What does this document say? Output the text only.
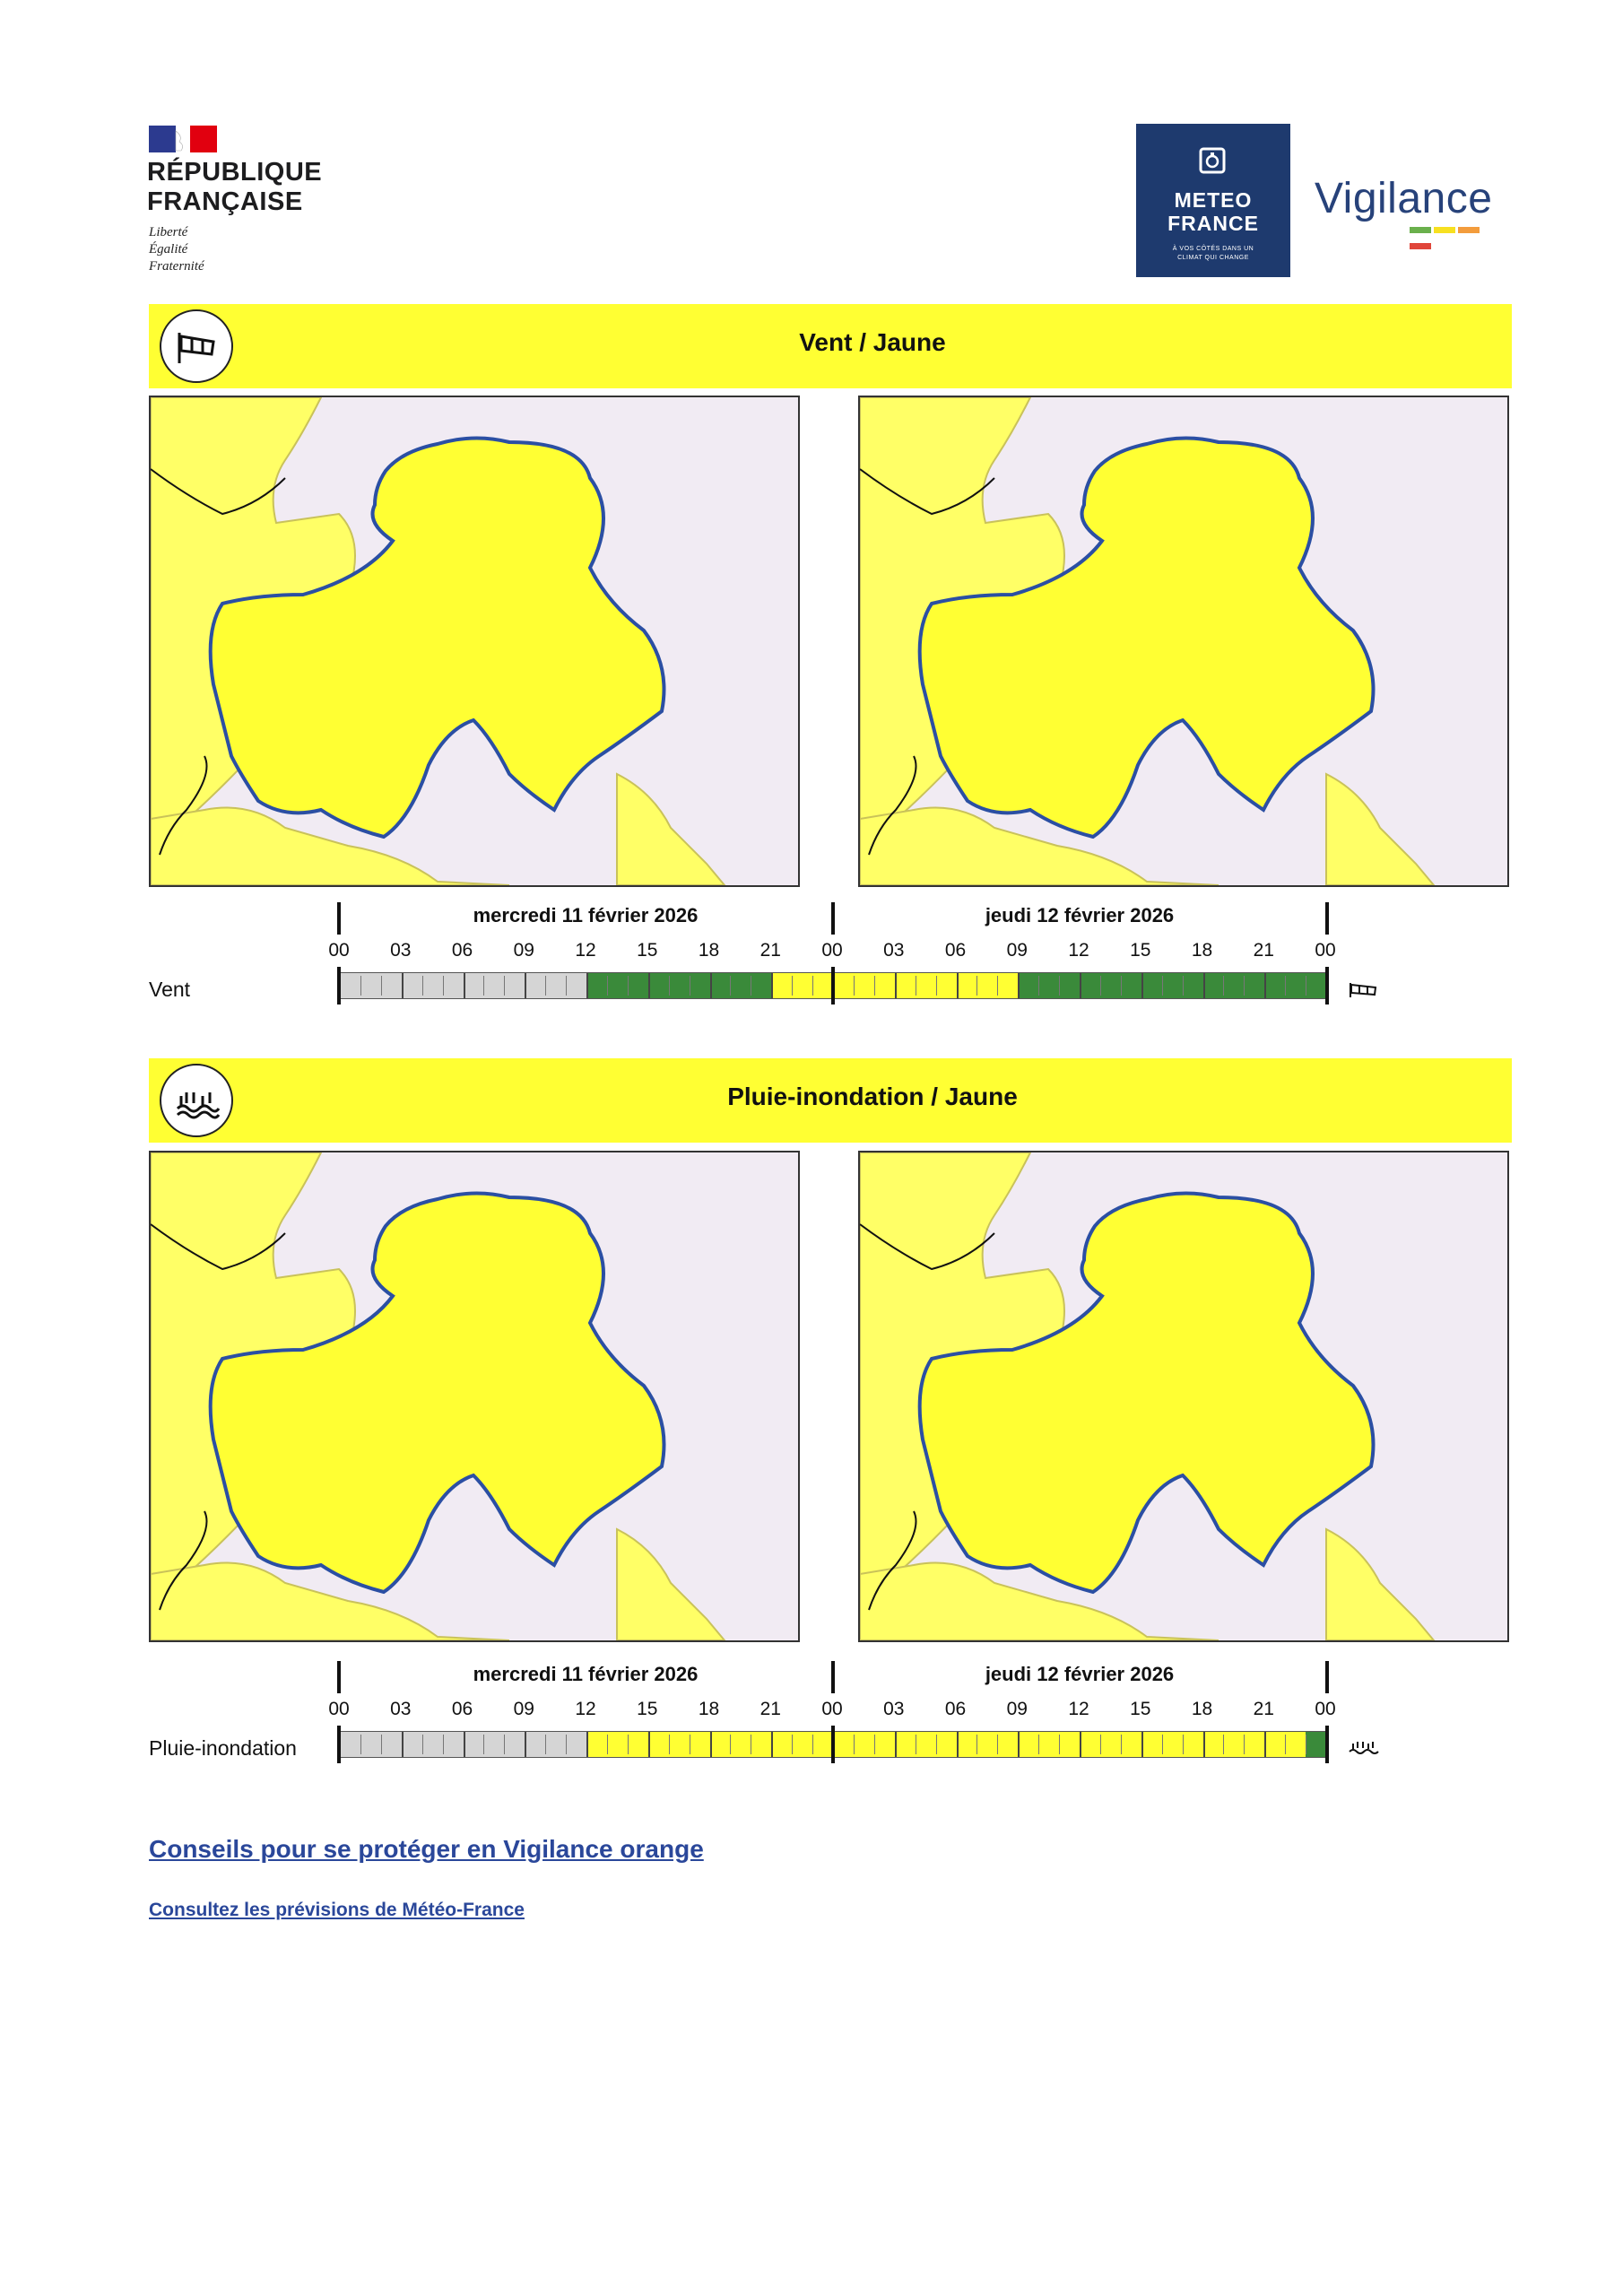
RÉPUBLIQUE
FRANÇAISE
Liberté
Égalité
Fraternité
METEO
FRANCE
À VOS CÔTÉS DANS UN
CLIMAT QUI CHANGE
Vigilance
Vent / Jaune
mercredi 11 février 2026	jeudi 12 février 2026
00	03	06	09	12	15	18	21	00	03	06	09	12	15	18	21	00
Vent
Pluie-inondation / Jaune
mercredi 11 février 2026	jeudi 12 février 2026
00	03	06	09	12	15	18	21	00	03	06	09	12	15	18	21	00
Pluie-inondation
Conseils pour se protéger en Vigilance orange
Consultez les prévisions de Météo-France
